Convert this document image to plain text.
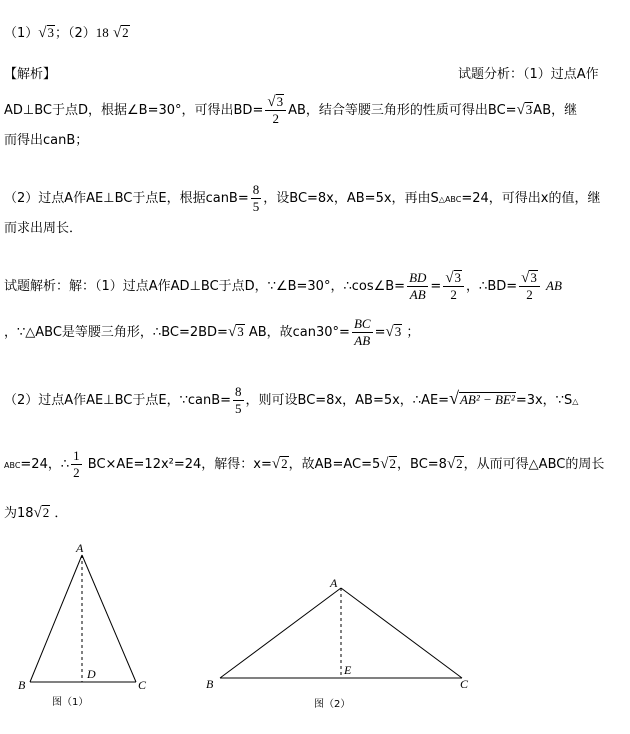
（1）√3；（2）18 √2
【解析】	试题分析：（1）过点A作
AD⊥BC于点D，根据∠B=30°，可得出$BD= \frac{√3}{2}$ AB，结合等腰三角形的性质可得出BC=√3AB，继
而得出canB；
（2）过点A作AE⊥BC于点E，根据canB= $\frac{8}{5}$ ，设BC=8x，AB=5x，再由S△ABC=24，可得出x的值，继
而求出周长．
试题解析：解：（1）过点A作AD⊥BC于点D，∵∠B=30°，∴cos∠B= $\frac{BD}{AB} = \frac{√3}{2}$ ，∴BD= $\frac{√3}{2}$ AB
，∵△ABC是等腰三角形，∴BC=2BD=√3 AB，故$can30^\circ= \frac{BC}{AB} =√3$ ；
（2）过点A作AE⊥BC于点E，∵canB= $\frac{8}{5}$ ，则可设BC=8x，AB=5x，∴AE=√AB² − BE²=3x，∵S△
ABC=24，∴ $\frac{1}{2} BC\times AE=12x^2=24$，解得：x=√2，故AB=AC=5√2，BC=8√2，从而可得△ABC的周长
为18√2 ．
A
B	C
D
图（1）
A
B	C
E
图（2）
